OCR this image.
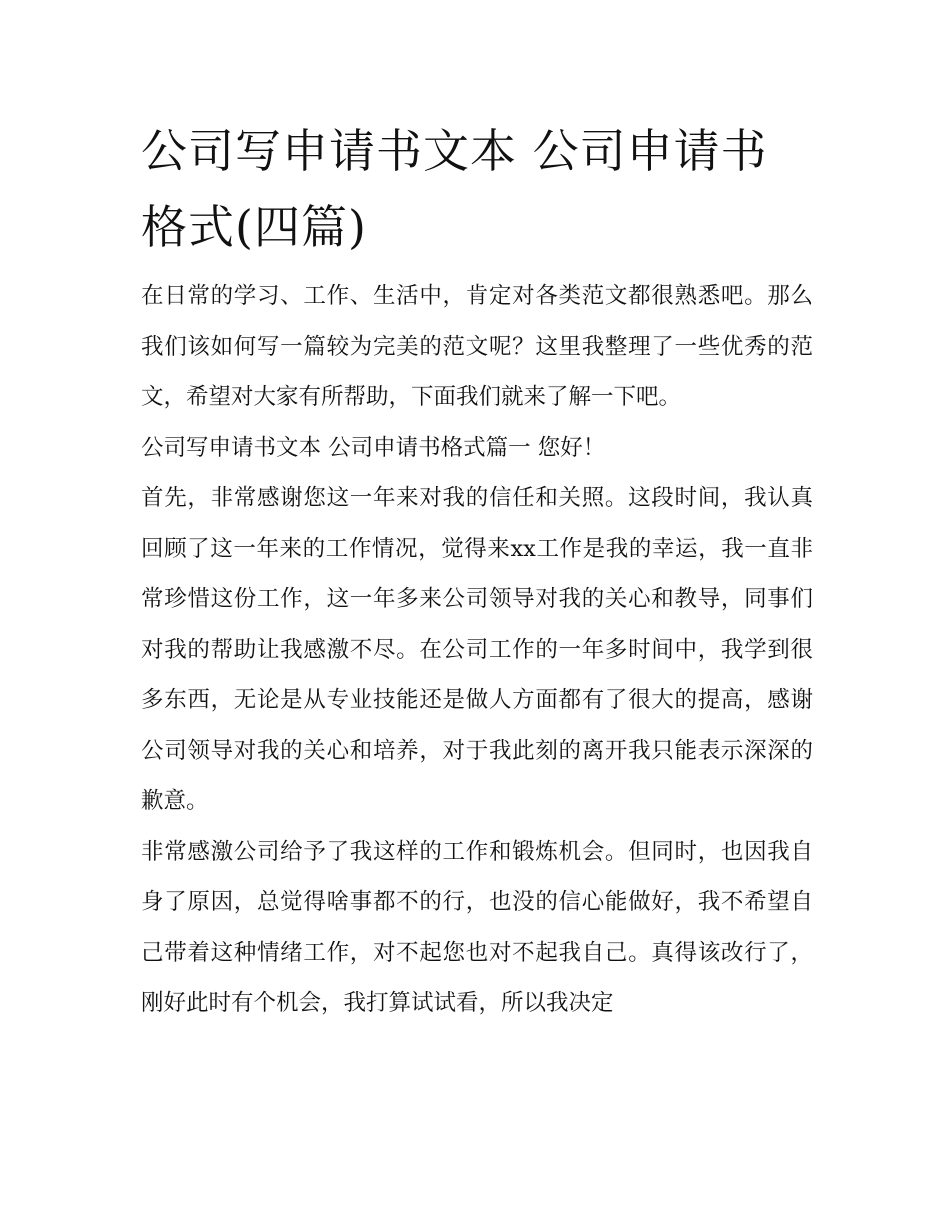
公司写申请书文本 公司申请书格式(四篇)

在日常的学习、工作、生活中，肯定对各类范文都很熟悉吧。那么我们该如何写一篇较为完美的范文呢？这里我整理了一些优秀的范文，希望对大家有所帮助，下面我们就来了解一下吧。

公司写申请书文本 公司申请书格式篇一 您好！

首先，非常感谢您这一年来对我的信任和关照。这段时间，我认真回顾了这一年来的工作情况，觉得来xx工作是我的幸运，我一直非常珍惜这份工作，这一年多来公司领导对我的关心和教导，同事们对我的帮助让我感激不尽。在公司工作的一年多时间中，我学到很多东西，无论是从专业技能还是做人方面都有了很大的提高，感谢公司领导对我的关心和培养，对于我此刻的离开我只能表示深深的歉意。

非常感激公司给予了我这样的工作和锻炼机会。但同时，也因我自身了原因，总觉得啥事都不的行，也没的信心能做好，我不希望自己带着这种情绪工作，对不起您也对不起我自己。真得该改行了，刚好此时有个机会，我打算试试看，所以我决定
